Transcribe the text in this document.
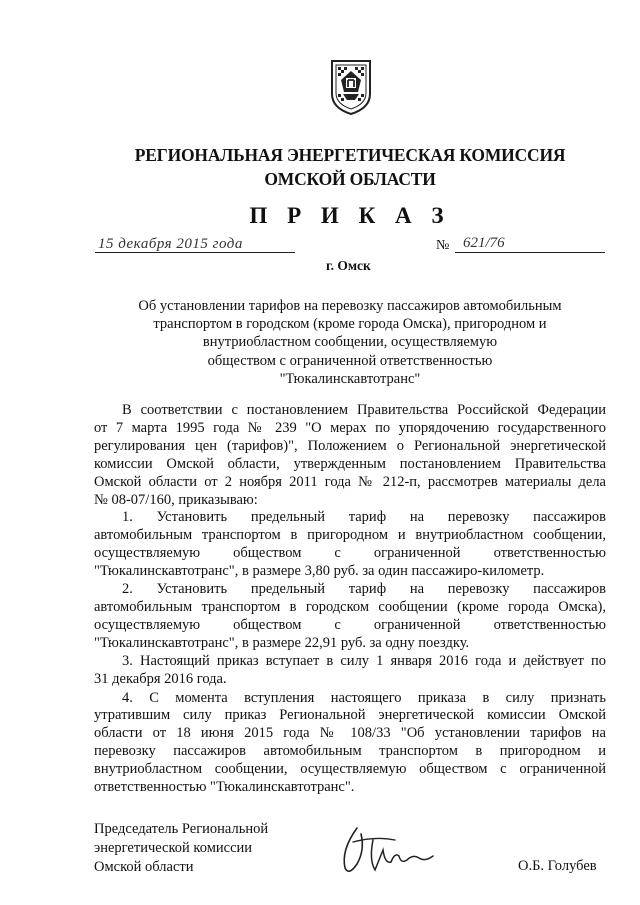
РЕГИОНАЛЬНАЯ ЭНЕРГЕТИЧЕСКАЯ КОМИССИЯ
ОМСКОЙ ОБЛАСТИ
П Р И К А З
15 декабря 2015 года	№ 621/76
г. Омск
Об установлении тарифов на перевозку пассажиров автомобильным
транспортом в городском (кроме города Омска), пригородном и
внутриобластном сообщении, осуществляемую
обществом с ограниченной ответственностью
"Тюкалинскавтотранс"
В соответствии с постановлением Правительства Российской Федерации
от 7 марта 1995 года № 239 "О мерах по упорядочению государственного
регулирования цен (тарифов)", Положением о Региональной энергетической
комиссии Омской области, утвержденным постановлением Правительства
Омской области от 2 ноября 2011 года № 212-п, рассмотрев материалы дела
№ 08-07/160, приказываю:
1. Установить предельный тариф на перевозку пассажиров
автомобильным транспортом в пригородном и внутриобластном сообщении,
осуществляемую обществом с ограниченной ответственностью
"Тюкалинскавтотранс", в размере 3,80 руб. за один пассажиро-километр.
2. Установить предельный тариф на перевозку пассажиров
автомобильным транспортом в городском сообщении (кроме города Омска),
осуществляемую обществом с ограниченной ответственностью
"Тюкалинскавтотранс", в размере 22,91 руб. за одну поездку.
3. Настоящий приказ вступает в силу 1 января 2016 года и действует по
31 декабря 2016 года.
4. С момента вступления настоящего приказа в силу признать
утратившим силу приказ Региональной энергетической комиссии Омской
области от 18 июня 2015 года № 108/33 "Об установлении тарифов на
перевозку пассажиров автомобильным транспортом в пригородном и
внутриобластном сообщении, осуществляемую обществом с ограниченной
ответственностью "Тюкалинскавтотранс".
Председатель Региональной
энергетической комиссии
Омской области	О.Б. Голубев
